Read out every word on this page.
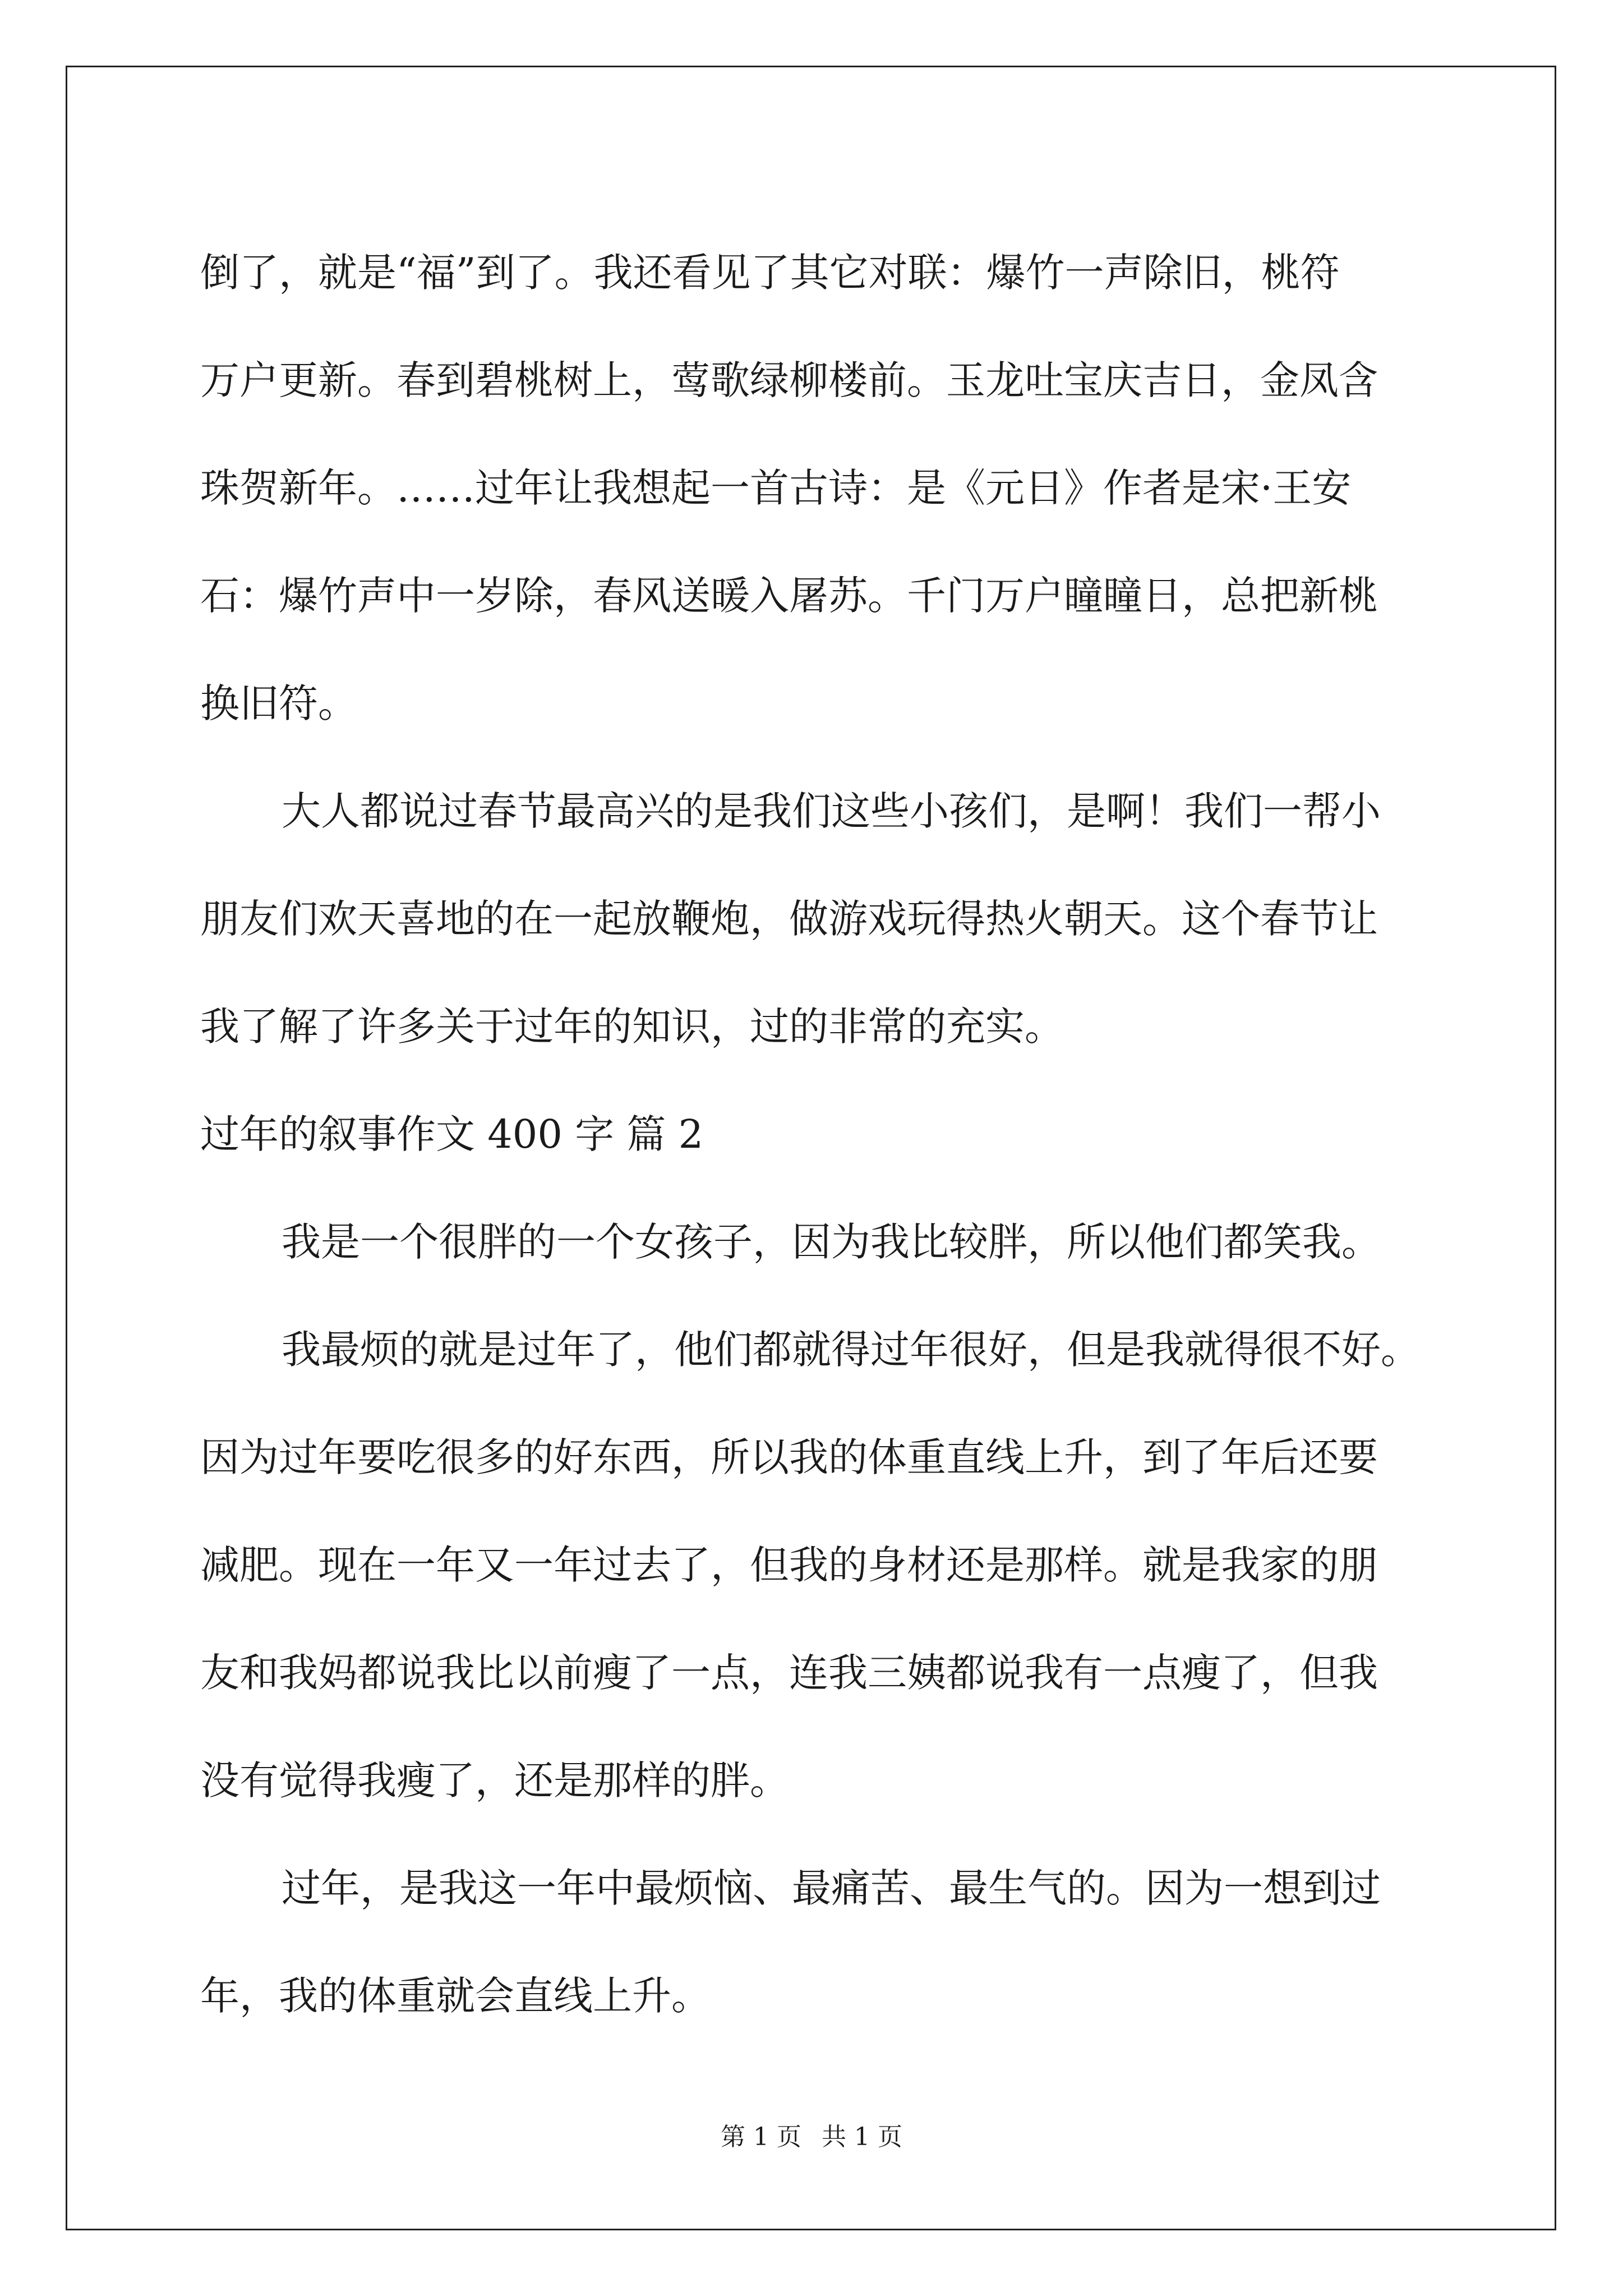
倒了，就是“福”到了。我还看见了其它对联：爆竹一声除旧，桃符
万户更新。春到碧桃树上，莺歌绿柳楼前。玉龙吐宝庆吉日，金凤含
珠贺新年。……过年让我想起一首古诗：是《元日》作者是宋·王安
石：爆竹声中一岁除，春风送暖入屠苏。千门万户瞳瞳日，总把新桃
换旧符。
大人都说过春节最高兴的是我们这些小孩们，是啊！我们一帮小
朋友们欢天喜地的在一起放鞭炮，做游戏玩得热火朝天。这个春节让
我了解了许多关于过年的知识，过的非常的充实。
过年的叙事作文 400 字 篇 2
我是一个很胖的一个女孩子，因为我比较胖，所以他们都笑我。
我最烦的就是过年了，他们都就得过年很好，但是我就得很不好。
因为过年要吃很多的好东西，所以我的体重直线上升，到了年后还要
减肥。现在一年又一年过去了，但我的身材还是那样。就是我家的朋
友和我妈都说我比以前瘦了一点，连我三姨都说我有一点瘦了，但我
没有觉得我瘦了，还是那样的胖。
过年，是我这一年中最烦恼、最痛苦、最生气的。因为一想到过
年，我的体重就会直线上升。
第 1 页 共 1 页
